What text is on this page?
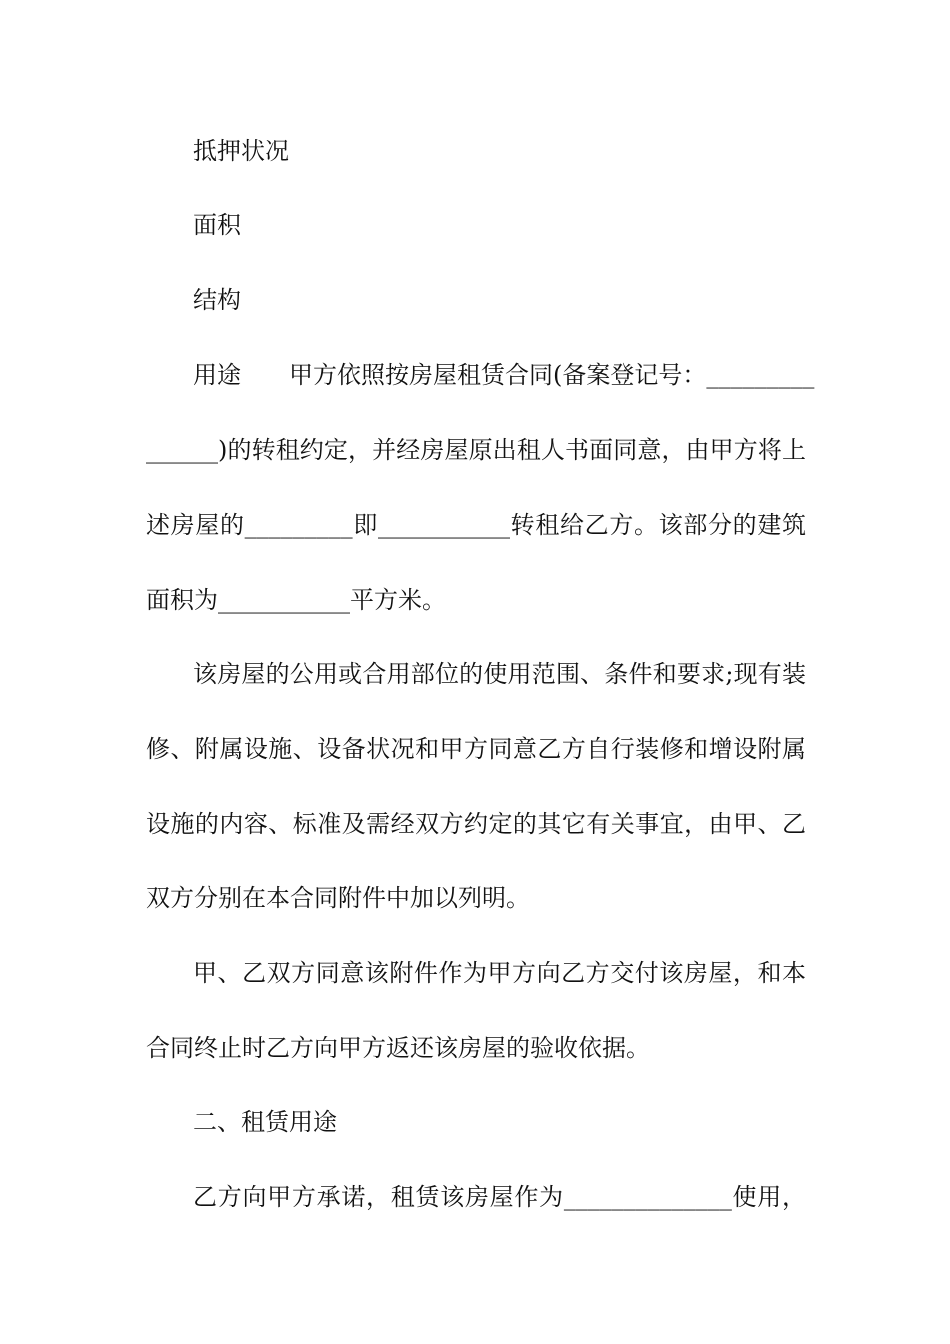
抵押状况
面积
结构
用途　　甲方依照按房屋租赁合同(备案登记号：_________
______)的转租约定，并经房屋原出租人书面同意，由甲方将上
述房屋的_________即___________转租给乙方。该部分的建筑
面积为___________平方米。
该房屋的公用或合用部位的使用范围、条件和要求;现有装
修、附属设施、设备状况和甲方同意乙方自行装修和增设附属
设施的内容、标准及需经双方约定的其它有关事宜，由甲、乙
双方分别在本合同附件中加以列明。
甲、乙双方同意该附件作为甲方向乙方交付该房屋，和本
合同终止时乙方向甲方返还该房屋的验收依据。
二、租赁用途
乙方向甲方承诺，租赁该房屋作为______________使用，
